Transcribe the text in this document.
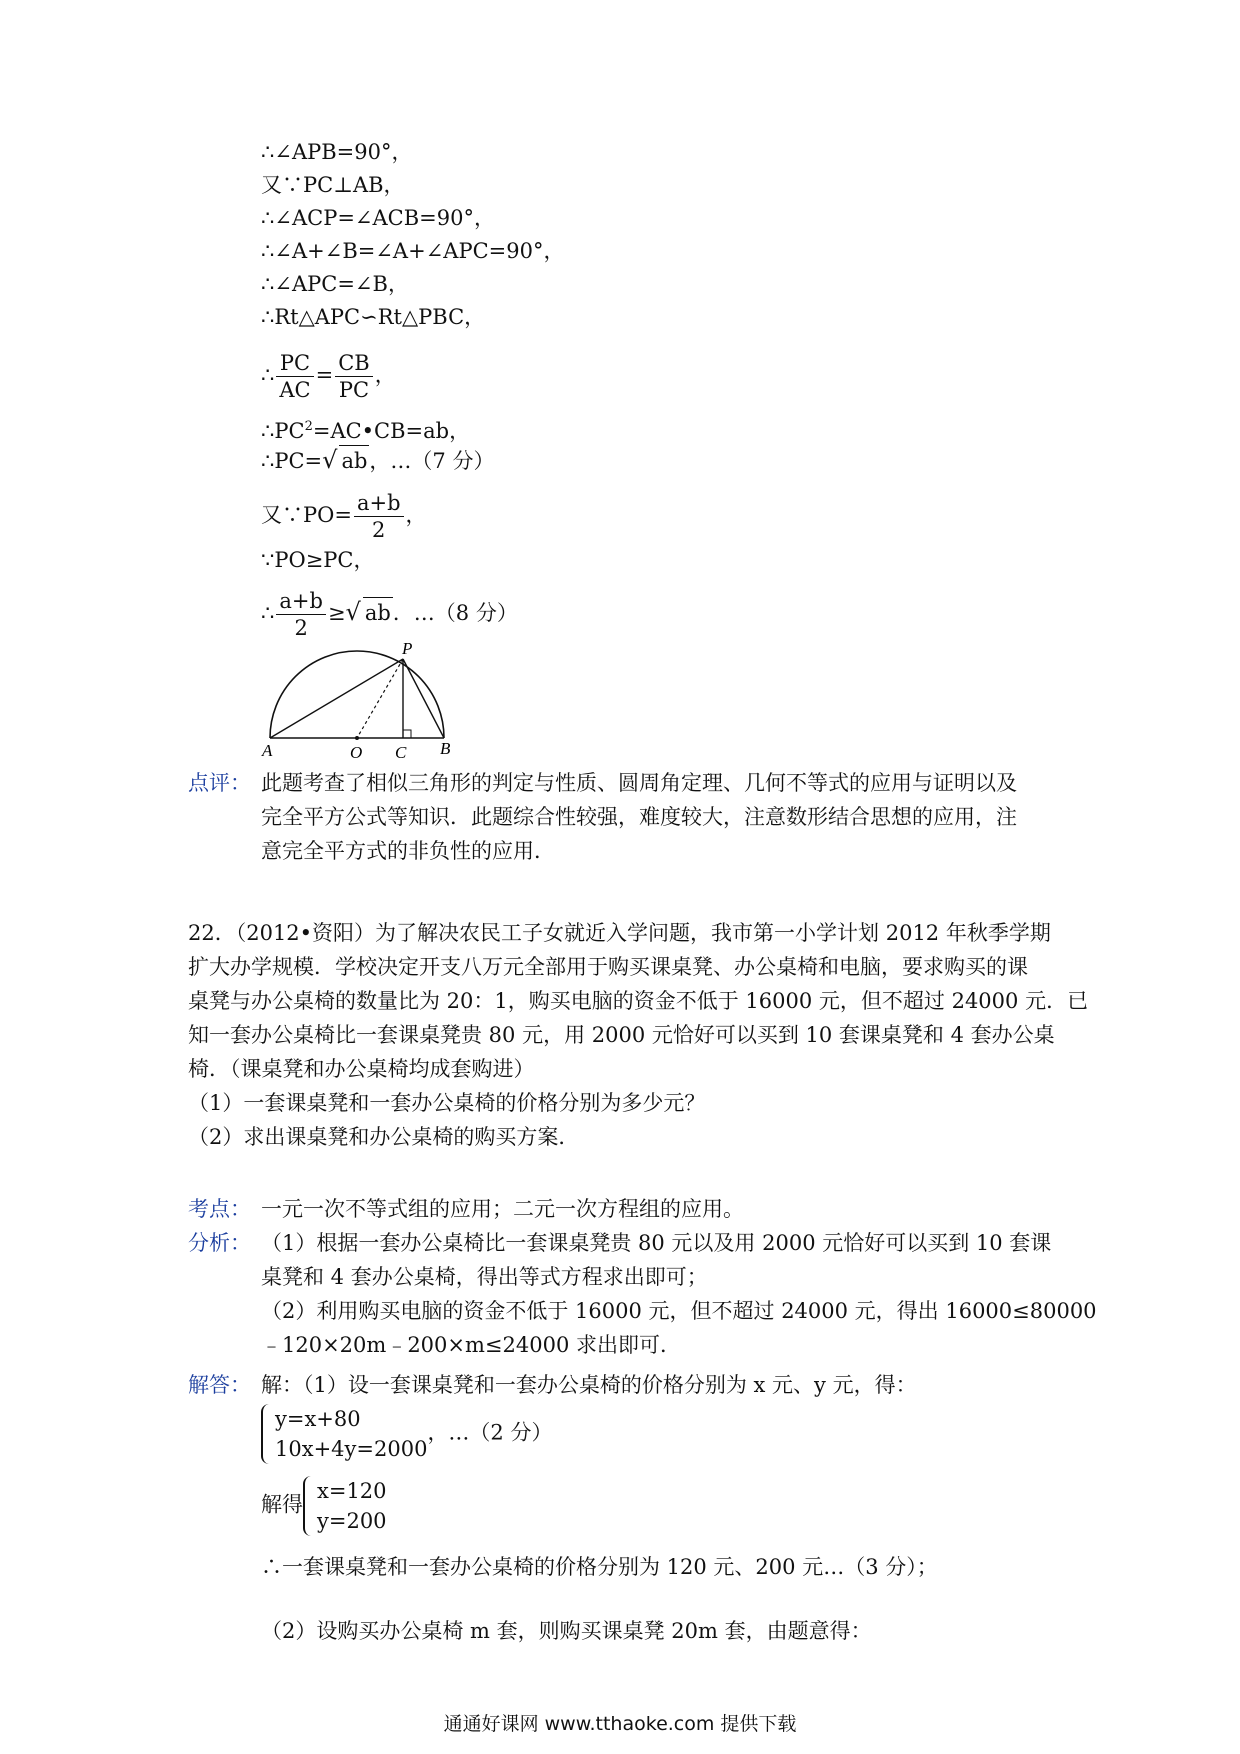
∴∠APB=90°，
又∵PC⊥AB，
∴∠ACP=∠ACB=90°，
∴∠A+∠B=∠A+∠APC=90°，
∴∠APC=∠B，
∴Rt△APC∽Rt△PBC，
∴ $\frac{PC}{AC} = \frac{CB}{PC}$ ，
$\therefore PC^2=AC•CB=ab$，
∴PC=√ ab，…（7 分）
又∵PO= $\frac{a+b}{2}$ ，
∵PO≥PC，
∴ $\frac{a+b}{2}$ ≥√ ab．…（8 分）
A	O C B
P
点评： 此题考查了相似三角形的判定与性质、圆周角定理、几何不等式的应用与证明以及
完全平方公式等知识．此题综合性较强，难度较大，注意数形结合思想的应用，注
意完全平方式的非负性的应用．
22．（2012•资阳）为了解决农民工子女就近入学问题，我市第一小学计划 2012 年秋季学期
扩大办学规模．学校决定开支八万元全部用于购买课桌凳、办公桌椅和电脑，要求购买的课
桌凳与办公桌椅的数量比为 20：1，购买电脑的资金不低于 16000 元，但不超过 24000 元．已
知一套办公桌椅比一套课桌凳贵 80 元，用 2000 元恰好可以买到 10 套课桌凳和 4 套办公桌
椅．（课桌凳和办公桌椅均成套购进）
（1）一套课桌凳和一套办公桌椅的价格分别为多少元？
（2）求出课桌凳和办公桌椅的购买方案．
考点： 一元一次不等式组的应用；二元一次方程组的应用。
分析： （1）根据一套办公桌椅比一套课桌凳贵 80 元以及用 2000 元恰好可以买到 10 套课
桌凳和 4 套办公桌椅，得出等式方程求出即可；
（2）利用购买电脑的资金不低于 16000 元，但不超过 24000 元，得出 16000≤80000
﹣120×20m﹣200×m≤24000 求出即可．
解答： 解：（1）设一套课桌凳和一套办公桌椅的价格分别为 x 元、y 元，得：
y=x+80
10x+4y=2000
，…（2 分）
解得
x=120
y=200
∴一套课桌凳和一套办公桌椅的价格分别为 120 元、200 元…（3 分）；
（2）设购买办公桌椅 m 套，则购买课桌凳 20m 套，由题意得：
通通好课网 www.tthaoke.com 提供下载
